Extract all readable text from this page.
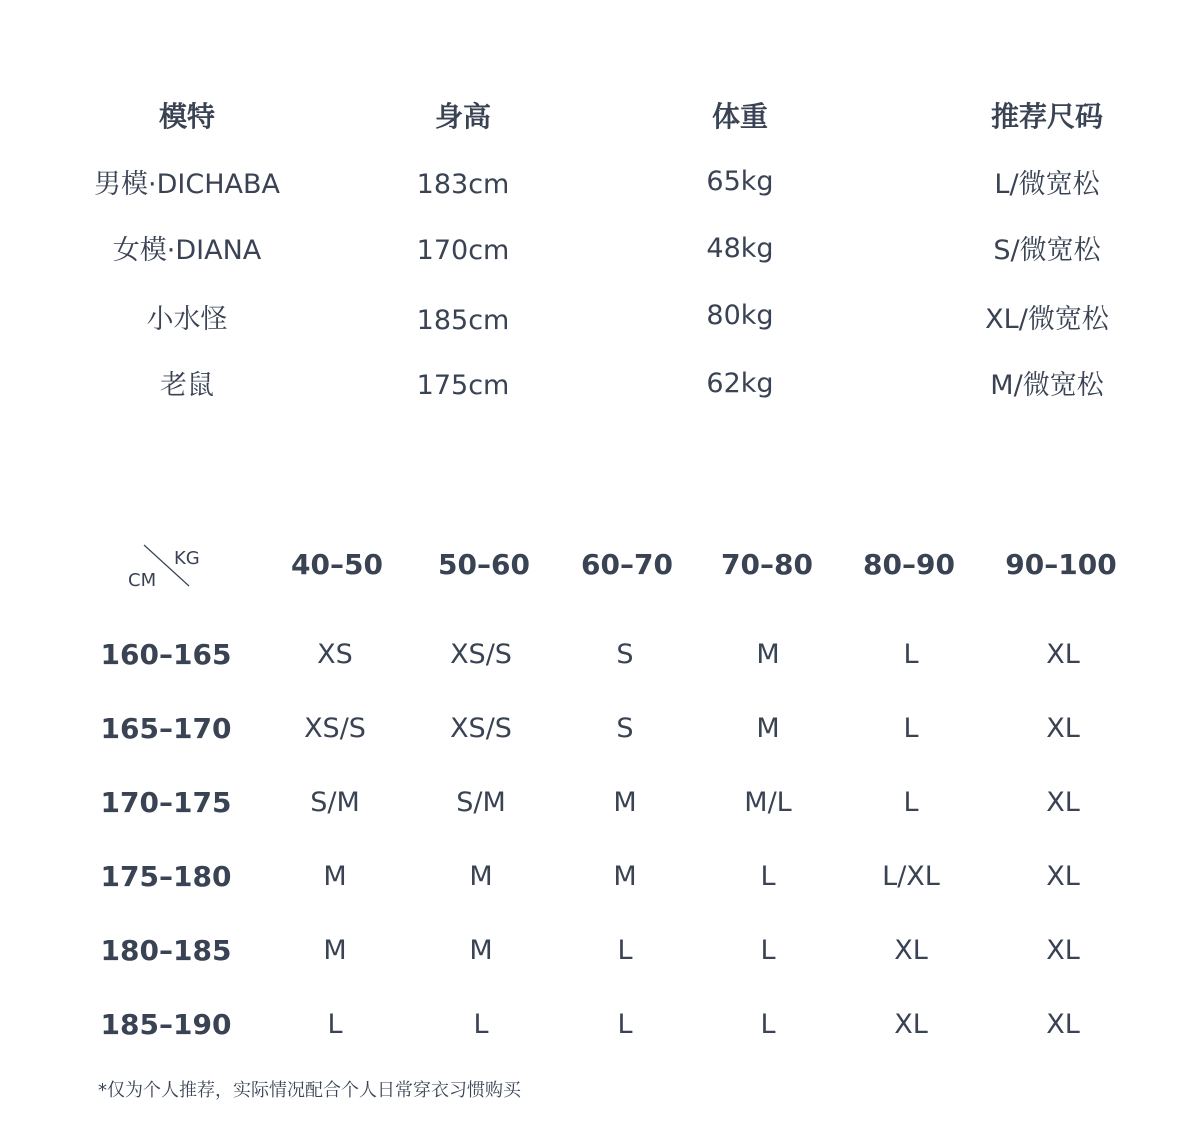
模特	身高	体重	推荐尺码
男模·DICHABA	183cm	65kg	L/微宽松
女模·DIANA	170cm	48kg	S/微宽松
小水怪	185cm	80kg	XL/微宽松
老鼠	175cm	62kg	M/微宽松
KG
CM	40–50 50–60 60–70 70–80 80–90 90–100
160–165	XS	XS/S	S	M	L	XL
165–170	XS/S	XS/S	S	M	L	XL
170–175	S/M	S/M	M	M/L	L	XL
175–180	M	M	M	L	L/XL	XL
180–185	M	M	L	L	XL	XL
185–190	L	L	L	L	XL	XL
*仅为个人推荐，实际情况配合个人日常穿衣习惯购买
